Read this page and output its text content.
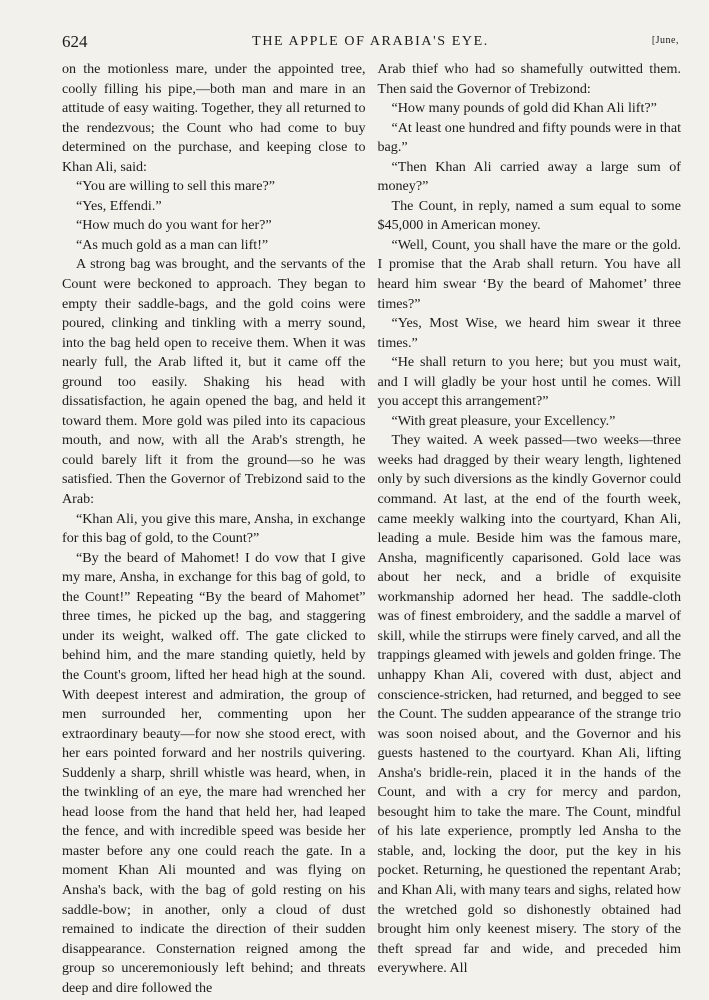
624	THE APPLE OF ARABIA'S EYE.	[June,

on the motionless mare, under the appointed tree, coolly filling his pipe,—both man and mare in an attitude of easy waiting. Together, they all returned to the rendezvous; the Count who had come to buy determined on the purchase, and keeping close to Khan Ali, said:

“You are willing to sell this mare?”

“Yes, Effendi.”

“How much do you want for her?”

“As much gold as a man can lift!”

A strong bag was brought, and the servants of the Count were beckoned to approach. They began to empty their saddle-bags, and the gold coins were poured, clinking and tinkling with a merry sound, into the bag held open to receive them. When it was nearly full, the Arab lifted it, but it came off the ground too easily. Shaking his head with dissatisfaction, he again opened the bag, and held it toward them. More gold was piled into its capacious mouth, and now, with all the Arab's strength, he could barely lift it from the ground—so he was satisfied. Then the Governor of Trebizond said to the Arab:

“Khan Ali, you give this mare, Ansha, in exchange for this bag of gold, to the Count?”

“By the beard of Mahomet! I do vow that I give my mare, Ansha, in exchange for this bag of gold, to the Count!” Repeating “By the beard of Mahomet” three times, he picked up the bag, and staggering under its weight, walked off. The gate clicked to behind him, and the mare standing quietly, held by the Count's groom, lifted her head high at the sound. With deepest interest and admiration, the group of men surrounded her, commenting upon her extraordinary beauty—for now she stood erect, with her ears pointed forward and her nostrils quivering. Suddenly a sharp, shrill whistle was heard, when, in the twinkling of an eye, the mare had wrenched her head loose from the hand that held her, had leaped the fence, and with incredible speed was beside her master before any one could reach the gate. In a moment Khan Ali mounted and was flying on Ansha's back, with the bag of gold resting on his saddle-bow; in another, only a cloud of dust remained to indicate the direction of their sudden disappearance. Consternation reigned among the group so unceremoniously left behind; and threats deep and dire followed the

Arab thief who had so shamefully outwitted them. Then said the Governor of Trebizond:

“How many pounds of gold did Khan Ali lift?”

“At least one hundred and fifty pounds were in that bag.”

“Then Khan Ali carried away a large sum of money?”

The Count, in reply, named a sum equal to some $45,000 in American money.

“Well, Count, you shall have the mare or the gold. I promise that the Arab shall return. You have all heard him swear ‘By the beard of Mahomet’ three times?”

“Yes, Most Wise, we heard him swear it three times.”

“He shall return to you here; but you must wait, and I will gladly be your host until he comes. Will you accept this arrangement?”

“With great pleasure, your Excellency.”

They waited. A week passed—two weeks—three weeks had dragged by their weary length, lightened only by such diversions as the kindly Governor could command. At last, at the end of the fourth week, came meekly walking into the courtyard, Khan Ali, leading a mule. Beside him was the famous mare, Ansha, magnificently caparisoned. Gold lace was about her neck, and a bridle of exquisite workmanship adorned her head. The saddle-cloth was of finest embroidery, and the saddle a marvel of skill, while the stirrups were finely carved, and all the trappings gleamed with jewels and golden fringe. The unhappy Khan Ali, covered with dust, abject and conscience-stricken, had returned, and begged to see the Count. The sudden appearance of the strange trio was soon noised about, and the Governor and his guests hastened to the courtyard. Khan Ali, lifting Ansha's bridle-rein, placed it in the hands of the Count, and with a cry for mercy and pardon, besought him to take the mare. The Count, mindful of his late experience, promptly led Ansha to the stable, and, locking the door, put the key in his pocket. Returning, he questioned the repentant Arab; and Khan Ali, with many tears and sighs, related how the wretched gold so dishonestly obtained had brought him only keenest misery. The story of the theft spread far and wide, and preceded him everywhere. All
